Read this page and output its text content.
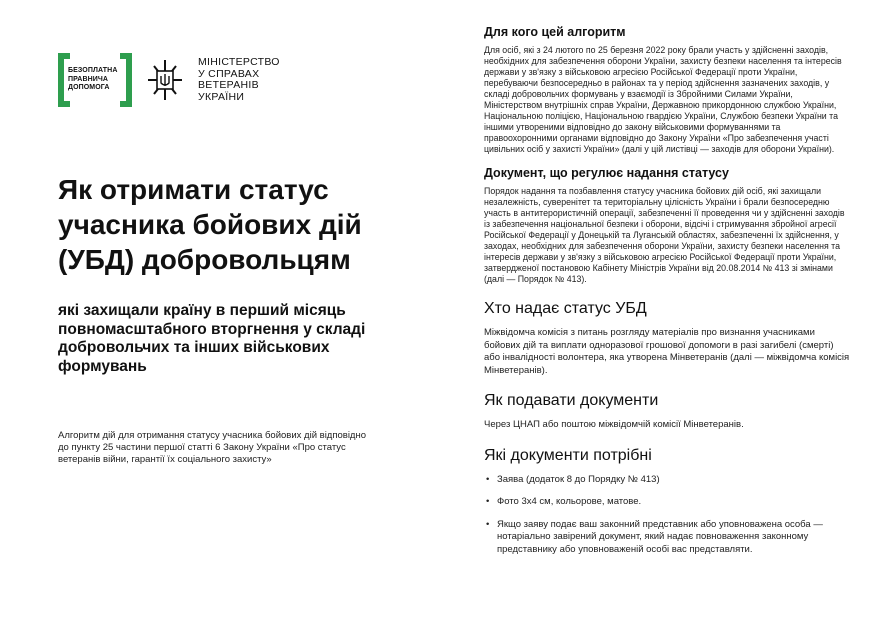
БЕЗОПЛАТНА
ПРАВНИЧА
ДОПОМОГА
МІНІСТЕРСТВО
У СПРАВАХ
ВЕТЕРАНІВ
УКРАЇНИ
Як отримати статус учасника бойових дій (УБД) добровольцям
які захищали країну в перший місяць повномасштабного вторгнення у складі добровольчих та інших військових формувань
Алгоритм дій для отримання статусу учасника бойових дій відповідно до пункту 25 частини першої статті 6 Закону України «Про статус ветеранів війни, гарантії їх соціального захисту»
Для кого цей алгоритм

Для осіб, які з 24 лютого по 25 березня 2022 року брали участь у здійсненні заходів, необхідних для забезпечення оборони України, захисту безпеки населення та інтересів держави у зв'язку з військовою агресією Російської Федерації проти України, перебуваючи безпосередньо в районах та у період здійснення зазначених заходів, у складі добровольчих формувань у взаємодії із Збройними Силами України, Міністерством внутрішніх справ України, Державною прикордонною службою України, Національною поліцією, Національною гвардією України, Службою безпеки України та іншими утвореними відповідно до закону військовими формуваннями та правоохоронними органами відповідно до Закону України «Про забезпечення участі цивільних осіб у захисті України» (далі у цій листівці — заходів для оборони України).

Документ, що регулює надання статусу

Порядок надання та позбавлення статусу учасника бойових дій осіб, які захищали незалежність, суверенітет та територіальну цілісність України і брали безпосередню участь в антитерористичній операції, забезпеченні її проведення чи у здійсненні заходів із забезпечення національної безпеки і оборони, відсічі і стримування збройної агресії Російської Федерації у Донецькій та Луганській областях, забезпеченні їх здійснення, у заходах, необхідних для забезпечення оборони України, захисту безпеки населення та інтересів держави у зв'язку з військовою агресією Російської Федерації проти України, затвердженої постановою Кабінету Міністрів України від 20.08.2014 № 413 зі змінами (далі — Порядок № 413).

Хто надає статус УБД

Міжвідомча комісія з питань розгляду матеріалів про визнання учасниками бойових дій та виплати одноразової грошової допомоги в разі загибелі (смерті) або інвалідності волонтера, яка утворена Мінветеранів (далі — міжвідомча комісія Мінветеранів).

Як подавати документи

Через ЦНАП або поштою міжвідомчій комісії Мінветеранів.

Які документи потрібні
• Заява (додаток 8 до Порядку № 413)
• Фото 3х4 см, кольорове, матове.
• Якщо заяву подає ваш законний представник або уповноважена особа — нотаріально завірений документ, який надає повноваження законному представнику або уповноваженій особі вас представляти.
